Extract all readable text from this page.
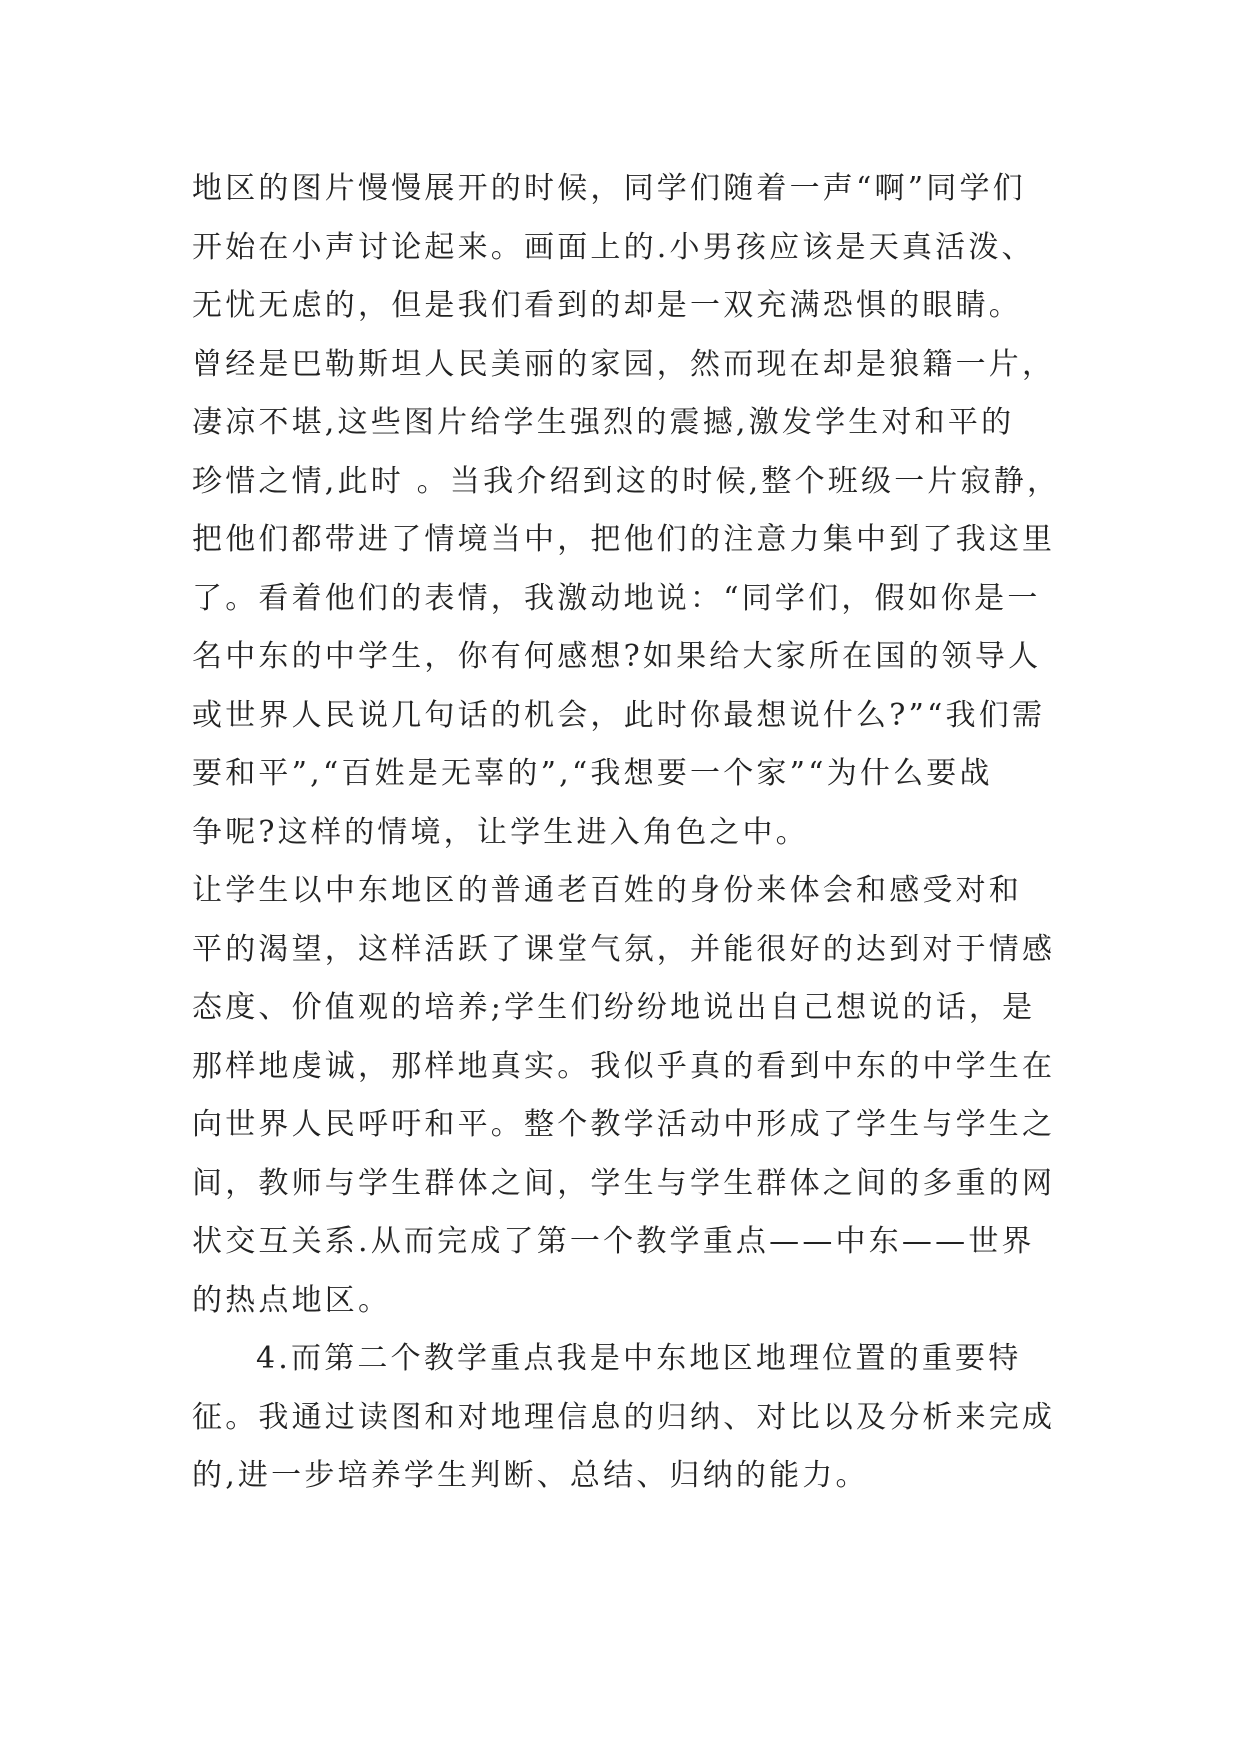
地区的图片慢慢展开的时候，同学们随着一声“啊”同学们
开始在小声讨论起来。画面上的.小男孩应该是天真活泼、
无忧无虑的，但是我们看到的却是一双充满恐惧的眼睛。
曾经是巴勒斯坦人民美丽的家园，然而现在却是狼籍一片，
凄凉不堪,这些图片给学生强烈的震撼,激发学生对和平的
珍惜之情,此时 。当我介绍到这的时候,整个班级一片寂静，
把他们都带进了情境当中，把他们的注意力集中到了我这里
了。看着他们的表情，我激动地说：“同学们，假如你是一
名中东的中学生，你有何感想?如果给大家所在国的领导人
或世界人民说几句话的机会，此时你最想说什么?”“我们需
要和平”,“百姓是无辜的”,“我想要一个家”“为什么要战
争呢?这样的情境，让学生进入角色之中。
让学生以中东地区的普通老百姓的身份来体会和感受对和
平的渴望，这样活跃了课堂气氛，并能很好的达到对于情感
态度、价值观的培养;学生们纷纷地说出自己想说的话，是
那样地虔诚，那样地真实。我似乎真的看到中东的中学生在
向世界人民呼吁和平。整个教学活动中形成了学生与学生之
间，教师与学生群体之间，学生与学生群体之间的多重的网
状交互关系.从而完成了第一个教学重点——中东——世界
的热点地区。
4.而第二个教学重点我是中东地区地理位置的重要特
征。我通过读图和对地理信息的归纳、对比以及分析来完成
的,进一步培养学生判断、总结、归纳的能力。
